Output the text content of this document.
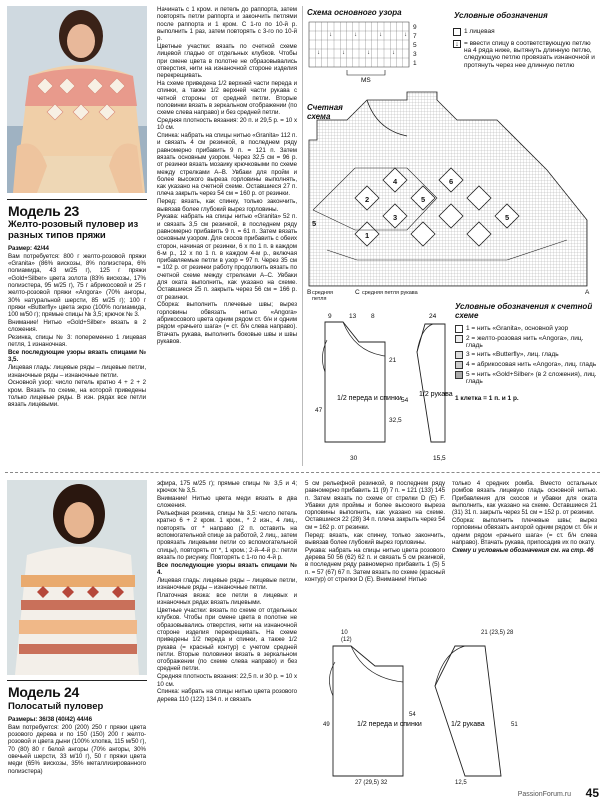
Модель 23
Желто-розовый пуловер из разных типов пряжи

Размер: 42/44

Вам потребуется: 800 г желто-розовой пряжи «Granita» (86% вискозы, 8% полиэстера, 6% полиамида, 43 м/25 г), 125 г пряжи «Gold+Silber» цвета золота (83% вискозы, 17% полиэстера, 95 м/25 г), 75 г абрикосовой и 25 г желто-розовой пряжи «Angora» (70% ангоры, 30% натуральной шерсти, 85 м/25 г); 100 г пряжи «Butterfly» цвета экрю (100% полиамида, 100 м/50 г); прямые спицы № 3,5; крючок № 3.

Внимание! Нитью «Gold+Silber» вязать в 2 сложения.

Резинка, спицы № 3: попеременно 1 лицевая петля, 1 изнаночная.

Все последующие узоры вязать спицами № 3,5.

Лицевая гладь: лицевые ряды – лицевые петли, изнаночные ряды – изнаночные петли.

Основной узор: число петель кратно 4 + 2 + 2 кром. Вязать по схеме, на которой приведены только лицевые ряды. В изн. рядах все петли вязать лицевыми.

Начинать с 1 кром. и петель до раппорта, затем повторять петли раппорта и закончить петлями после раппорта и 1 кром. С 1-го по 10-й р. выполнить 1 раз, затем повторять с 3-го по 10-й р.

Цветные участки: вязать по счетной схеме лицевой гладью от отдельных клубков. Чтобы при смене цвета в полотне не образовывались отверстия, нити на изнаночной стороне изделия перекрещивать.

На схеме приведена 1/2 верхней части переда и спинки, а также 1/2 верхней части рукава с четной стороны от средней петли. Вторые половинки вязать в зеркальном отображении (по схеме слева направо) и без средней петли.

Средняя плотность вязания: 20 п. и 29,5 р. = 10 х 10 см.

Спинка: набрать на спицы нитью «Granita» 112 п. и связать 4 см резинкой, в последнем ряду равномерно прибавить 9 п. = 121 п. Затем вязать основным узором. Через 32,5 см = 96 р. от резинки вязать мозаику крючковыми по схеме между стрелками A–B. Увбаки для пройм и более высокого выреза горловины выполнять, как указано на счетной схеме. Оставшиеся 27 п. плеча закрыть через 54 см = 160 р. от резинки.

Перед: вязать, как спинку, только закончить, вывязав более глубокий вырез горловины.

Рукава: набрать на спицы нитью «Granita» 52 п. и связать 3,5 см резинкой, в последнем ряду равномерно прибавить 9 п. = 61 п. Затем вязать основным узором. Для скосов прибавить с обеих сторон, начиная от резинки, 6 х по 1 п. в каждом 6-м р., 12 х по 1 п. в каждом 4-м р., включая прибавляемые петли в узор = 97 п. Через 35 см = 102 р. от резинки работу продолжить вязать по счетной схеме между стрелками A–C. Увбаки для оката выполнить, как указано на схеме. Оставшиеся 25 п. закрыть через 56 см = 166 р. от резинки.

Сборка: выполнить плечевые швы; вырез горловины обвязать нитью «Angora» абрикосового цвета одним рядом ст. б/н и одним рядом «рачьего шага» (= ст. б/н слева направо). Втачать рукава, выполнить боковые швы и швы рукавов.

Схема основного узора
↓	↓	↓	↓
↓	↓	↓	↓
9
7
5
3
1
MS
Условные обозначения
1 лицевая
↓ = ввести спицу в соответствующую петлю на 4 ряда ниже, вытянуть длинную петлю, следующую петлю провязать изнаночной и протянуть через нее длинную петлю
Счетная схема
5
4	6
5
2
3	5
1
B	C	A
средняя петля
средняя петля рукава
1/2 переда и спинки
9	13 8
47
21
54
32,5
30
1/2 рукава
24
15,5
Условные обозначения к счетной схеме
1 = нить «Granita», основной узор
2 = желто-розовая нить «Angora», лиц. гладь
3 = нить «Butterfly», лиц. гладь
4 = абрикосовая нить «Angora», лиц. гладь
5 = нить «Gold+Silber» (в 2 сложения), лиц. гладь
1 клетка = 1 п. и 1 р.
Модель 24
Полосатый пуловер

Размеры: 36/38 (40/42) 44/46

Вам потребуется: 200 (200) 250 г пряжи цвета розового дерева и по 150 (150) 200 г желто-розовой и цвета дыни (100% хлопка, 115 м/50 г), 70 (80) 80 г белой ангоры (70% ангоры, 30% овечьей шерсти, 33 м/10 г), 50 г пряжи цвета меди (65% вискозы, 35% металлизированного полиэстера)

эфира, 175 м/25 г); прямые спицы № 3,5 и 4; крючок № 3,5.

Внимание! Нитью цвета меди вязать в два сложения.

Рельефная резинка, спицы № 3,5: число петель кратно 6 + 2 кром. 1 кром., * 2 изн., 4 лиц., повторять от * направо (2 п. оставить на вспомогательной спице за работой, 2 лиц., затем провязать лицевыми петли со вспомогательной спицы), повторять от *, 1 кром.; 2-й–4-й р.: петли вязать по рисунку. Повторять с 1-го по 4-й р.

Все последующие узоры вязать спицами № 4.

Лицевая гладь: лицевые ряды – лицевые петли, изнаночные ряды – изнаночные петли.

Платочная вязка: все петли в лицевых и изнаночных рядах вязать лицевыми.

Цветные участки: вязать по схеме от отдельных клубков. Чтобы при смене цвета в полотне не образовывались отверстия, нити на изнаночной стороне изделия перекрещивать. На схеме приведены 1/2 переда и спинки, а также 1/2 рукава (= красный контур) с учетом средней петли. Вторые половинки вязать в зеркальном отображении (по схеме слева направо) и без средней петли.

Средняя плотность вязания: 22,5 п. и 30 р. = 10 х 10 см.

Спинка: набрать на спицы нитью цвета розового дерева 110 (122) 134 п. и связать

5 см рельефной резинкой, в последнем ряду равномерно прибавить 11 (9) 7 п. = 121 (133) 145 п. Затем вязать по схеме от стрелки D (E) F. Убавки для проймы и более высокого выреза горловины выполнить, как указано на схеме. Оставшиеся 22 (28) 34 п. плеча закрыть через 54 см = 162 р. от резинки.

Перед: вязать, как спинку, только закончить, вывязав более глубокий вырез горловины.

Рукава: набрать на спицы нитью цвета розового дерева 50 56 (62) 62 п. и связать 5 см резинкой, в последнем ряду равномерно прибавить 1 (5) 5 п. = 57 (67) 67 п. Затем вязать по схеме (красный контур) от стрелки D (E). Внимание! Нитью

только 4 средних ромба. Вместо остальных ромбов вязать лицевую гладь основной нитью. Прибавления для скосов и убавки для оката выполнить, как указано на схеме. Оставшиеся 21 (31) 31 п. закрыть через 51 см = 152 р. от резинки.

Сборка: выполнить плечевые швы; вырез горловины обвязать ангорой одним рядом ст. б/н и одним рядом «рачьего шага» (= ст. б/н слева направо). Втачать рукава, припосадив их по окату.

Схему и условные обозначения см. на стр. 46

1/2 переда и спинки
10
(12)
49
54
27 (29,5) 32
21 (23,5) 28
51
12,5
1/2 рукава
PassionForum.ru 45
